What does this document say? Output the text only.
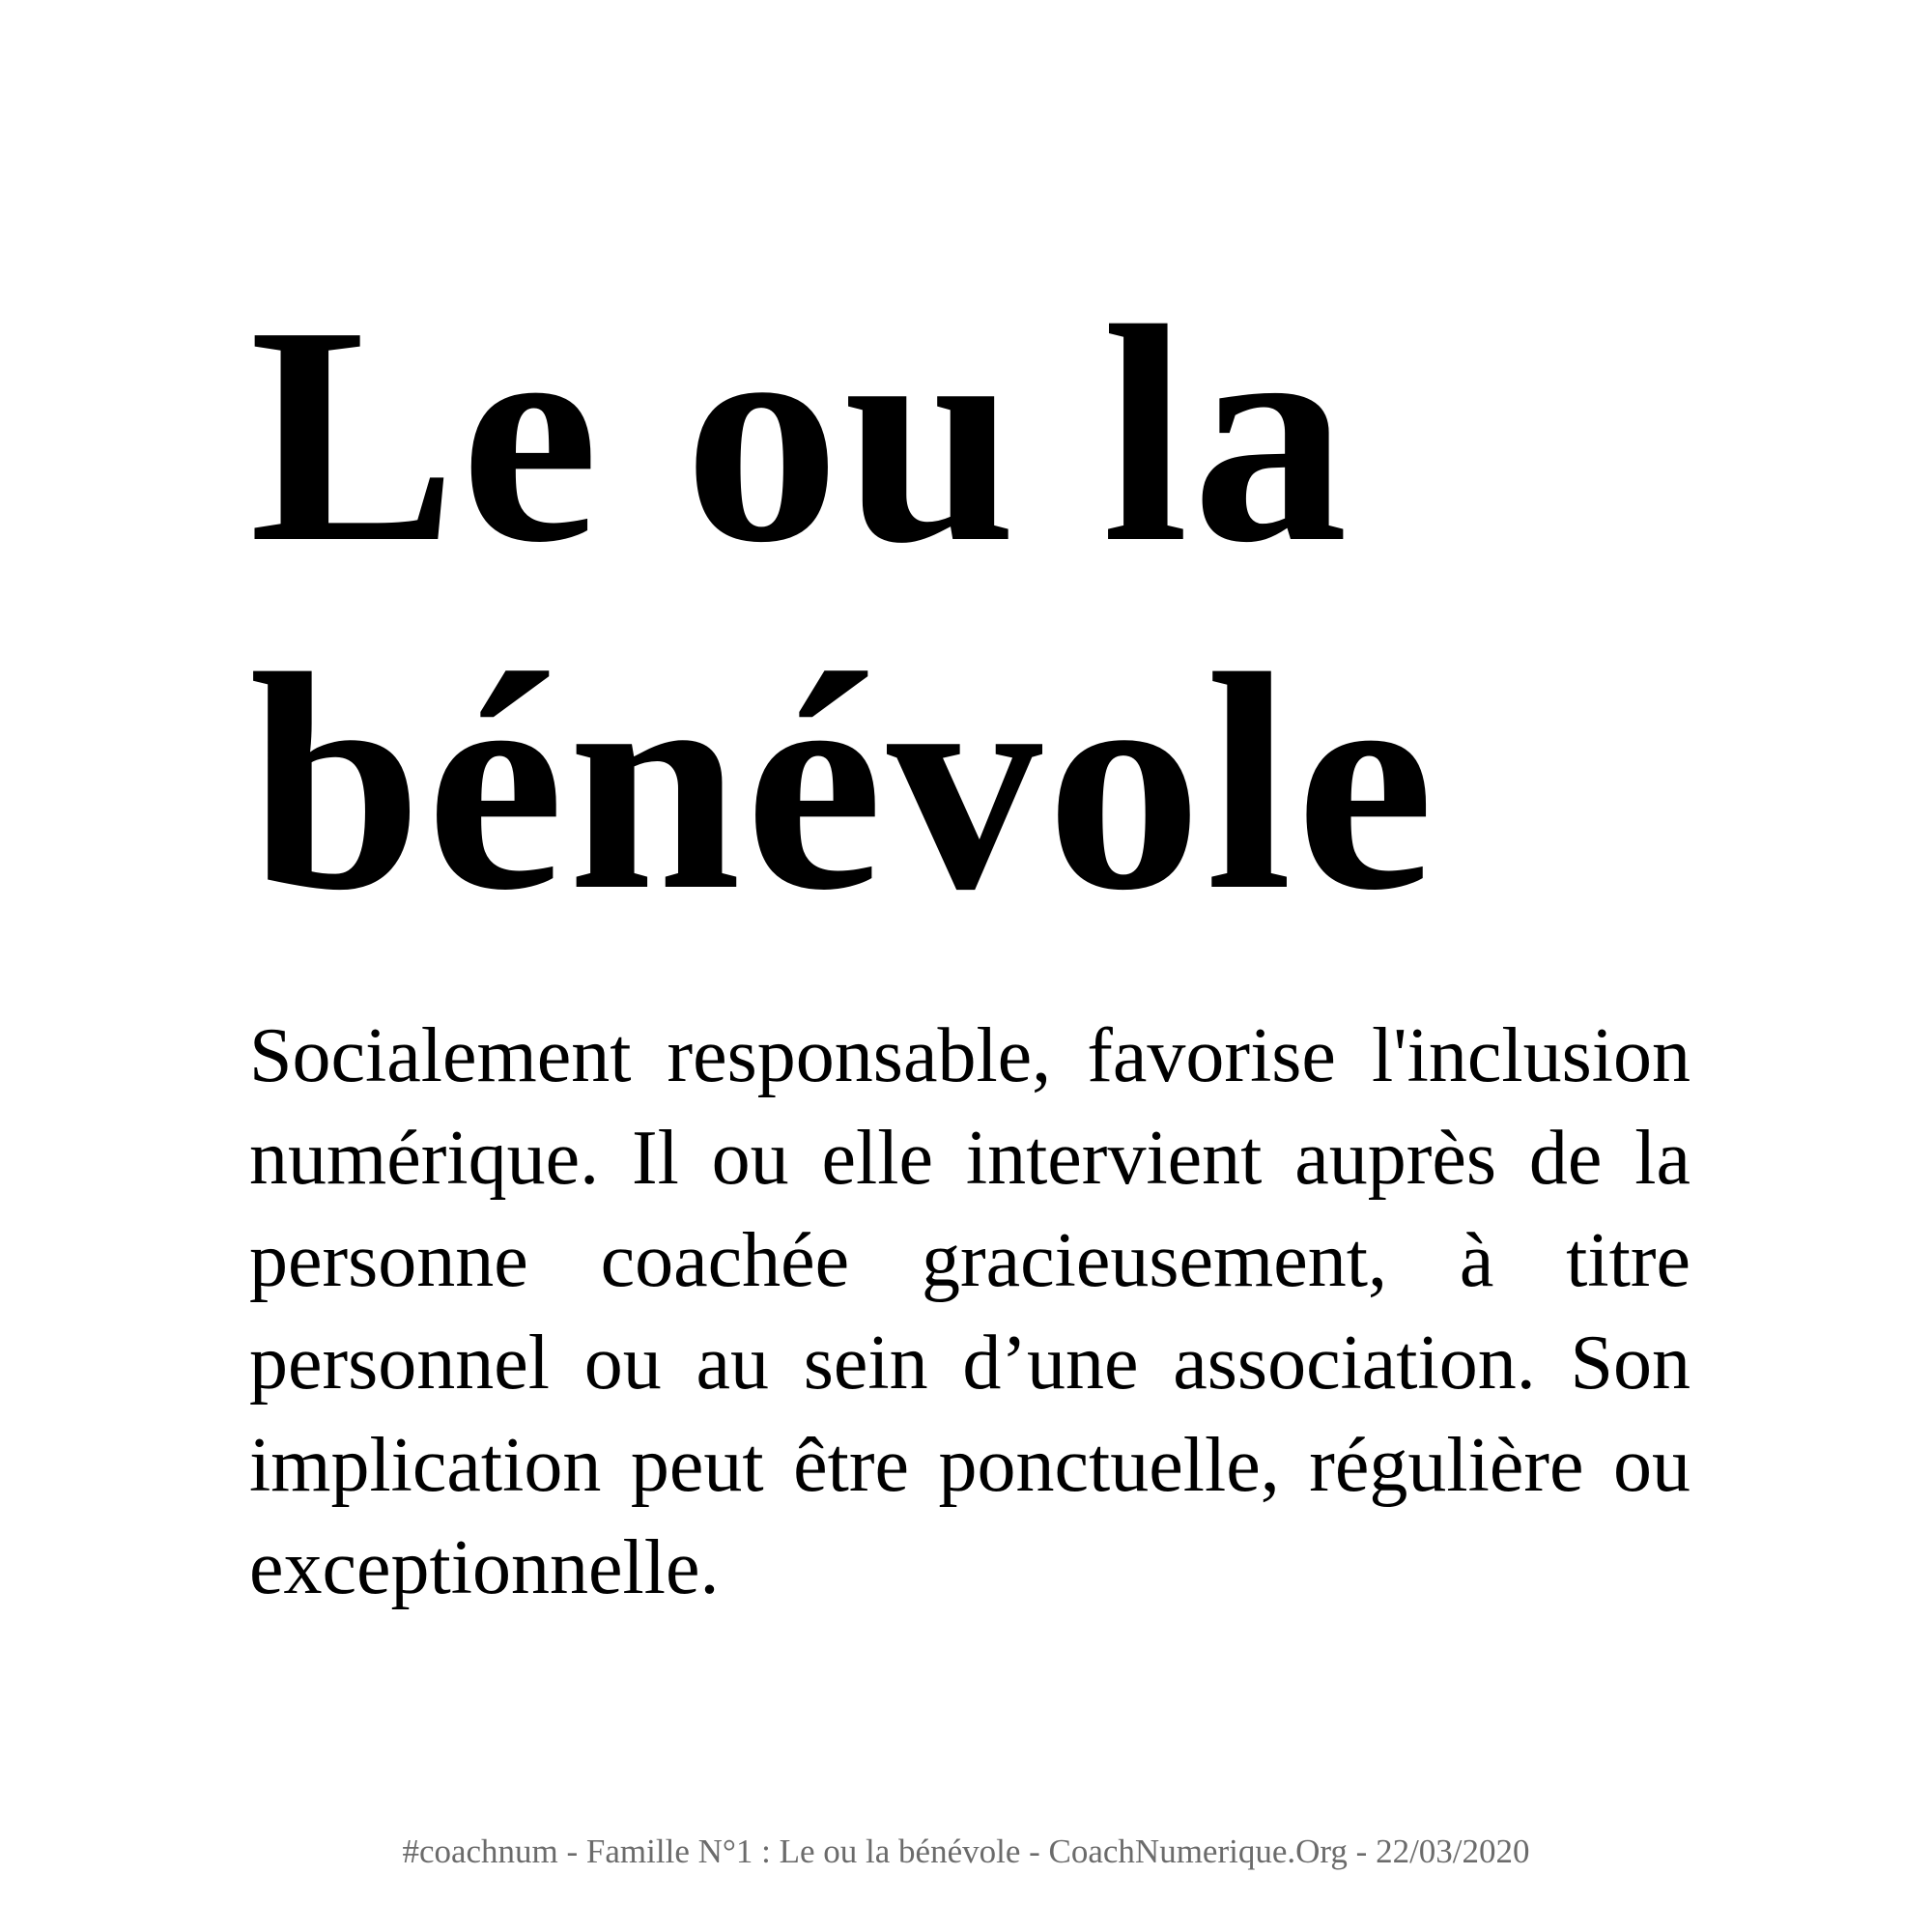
Le ou la
bénévole

Socialement responsable, favorise l'inclusion numérique. Il ou elle intervient auprès de la personne coachée gracieusement, à titre personnel ou au sein d’une association. Son implication peut être ponctuelle, régulière ou exceptionnelle.

#coachnum - Famille N°1 : Le ou la bénévole - CoachNumerique.Org - 22/03/2020
